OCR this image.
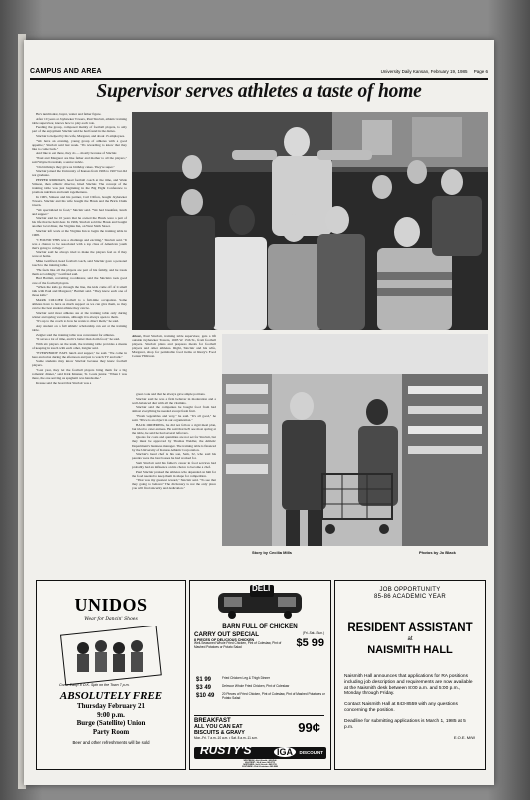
CAMPUS AND AREA	University Daily Kansan, February 19, 1985 Page 6
Supervisor serves athletes a taste of home

He's nutritionist, buyer, waiter and father figure.

After 10 years at Jayhawker Towers, Paul Sinclair, athletic training table supervisor, knows how to play each role.

Feeding the group, composed mainly of football players, is only part of the enjoyment Sinclair said he had found in the duties.

Sinclair is helped by his wife, Margaret, and about 15 employees.

"We have an evening, young group of athletes with a good appetite," Sinclair said last week. "It's rewarding to know that they like to come back."

And like to eat there, they do — mostly because of Sinclair.

"Paul and Margaret are like father and mother to all the players," said Wayne Kowalski, a senior tackle.

"On birthdays they give us birthday cakes. They're super."

Sinclair joined the University of Kansas from 1966 to 1967 but did not graduate.

PEPPER RIORDAN, head football coach at the time, and Wade Stinson, then athletic director, hired Sinclair. The concept of the training table was just beginning in the Big Eight Conference to promote nutrition and team togetherness.

In 1965, Stinson and his partner, Carl Clifton, bought Jayhawker Towers. Sinclair and his wife bought the Hawk and the Brick Chalk tavern.

"We specialized in food," Sinclair said. "We had breakfast, lunch and supper."

Sinclair said he 10 years that he owned the Hawk were a part of his life that he held dear. In 1966, Sinclair sold the Hawk and bought another local diner, the Virginia Inn, on West Sixth Street.

Sinclair left work at the Virginia Inn to begin the training table in 1968.

"I FOUND THIS was a challenge and exciting," Sinclair said. "It was a chance to be associated with a top class of American youth that's going to college."

Sinclair said he always tried to make the players feel as if they were at home.

Mike Gottfried, head football coach, said Sinclair gave a personal touch to the training table.

"He feels like all the players are part of his family, and he treats them accordingly," Gottfried said.

Bud Bartlett, recruiting coordinator, said the Sinclairs took good care of the football players.

"When the kids go through the line, the kids come off of it small talk with Paul and Margaret," Bartlett said. "They know each one of those kids."

MARK COLLIER football is a full-time occupation. Some athletes have to have as much support as we can give them, so they can be the best student athlete they can be.

Sinclair said most athletes ate at the training table only during winter and spring vacations, although it is always open to them.

"It's up to the coach to how he wants to direct them," he said.

Any student on a full athletic scholarship can eat at the training table.

Zeigler said the training table was convenient for athletes.

"It saves a lot of time, and it's better than dorm food," he said.

With six players on the team, the training table provides a means of keeping in touch with each other, Zeigler said.

"EVERYBODY EATS lunch and supper," he said. "We come in here and relax during the afternoon and just to watch TV and talk."

Some students may know Sinclair because they knew football players.

"Last year, they let the football players bring them for a big romantic dinner," said Kirk Kinsner, St. Louis junior. "When I was there, the one serving us spaghetti was handsome."

Krause said the board that Sinclair was a

Above, Paul Sinclair, training table supervisor, gets a lift outside Jayhawker Towers, 1603 W. 15th St., from football players. Sinclair plans and prepares meals for football players and other athletes. Right, Sinclair and his wife, Margaret, shop for perishable food items at Rusty's Food Center Hillcrest.

great cook and that he always gave ample portions.

Sinclair said he was a firm believer in moderation and a well-balanced diet with all the vitamins.

Sinclair said the companies he bought food from had almost everything he needed except fresh fruit.

"Fresh vegetables and very," he said. "It's all good," he said. "Price is an object in our organization."

BACK ORDERING, he did not follow a rigid meal plan, but tried to cater entrees. He said that he'll see most spring at the table, he said he had several leftovers.

Quotas for costs and quantities are not set for Sinclair, but they must be approved by Thomas Weidler, the Athletic Department's business manager. The training table is financed by the University of Kansas Athletic Corporation.

Sinclair's head chef is his son, Sam, 32, who said his parents were the best bosses he had worked for.

Sam Sinclair said his father's career in food services had probably had an influence on his choice to become a chef.

Paul Sinclair praised the athletes who depended on him for the food needed to keep them in shape for competition.

"That was my greatest reward," Sinclair said. "To see that they going to behave? The dictionary is not the only place you will find sincerity and dedication."

Story by Cecilia Mills	Photos by Jo Black
UNIDOS
Wear for Dancin' Shoes
Come Early! 8 O.K. Spin on the Town 7 p.m.
ABSOLUTELY FREE
Thursday February 21
9:00 p.m.
Burge (Satellite) Union
Party Room
Beer and other refreshments will be sold
DELI
BARN FULL OF CHICKEN
CARRY OUT SPECIAL
8 PIECES OF DELICIOUS CHICKEN
Well-Seasoned Whole Fried Chicken, Pint of Coleslaw, Pint of Mashed Potatoes or Potato Salad
(Fri.-Sat.-Sun.)
$5 99
$1 99	Fried Chicken Leg & Thigh Dinner
$3 49	Delmoor Whole Fried Chicken, Pint of Coleslaw
$10 49	20 Pieces of Fried Chicken, Pint of Coleslaw, Pint of Mashed Potatoes or Potato Salad
BREAKFAST
ALL YOU CAN EAT
BISCUITS & GRAVY	99¢
Mon.-Fri. 7 a.m.-10 a.m. • Sat. 8 a.m.-11 a.m.
RUSTY'S	IGA	DISCOUNT
WESTRIDGE • 6th & Kasold • 843-8144
HILLCREST • 9th & Iowa • 843-3713
NORTHSIDE • 2nd & Lincoln • 843-5733
SOUTHSIDE • 23rd & Louisiana • 843-8980
JOB OPPORTUNITY
85-86 ACADEMIC YEAR
RESIDENT ASSISTANT
at
NAISMITH HALL

Naismith Hall announces that applications for RA positions including job description and requirements are now available at the Naismith desk between 8:00 a.m. and 5:00 p.m., Monday through Friday.

Contact Naismith Hall at 843-8559 with any questions concerning the position.

Deadline for submitting applications is March 1, 1985 at 5 p.m.

E.O.E. M/W
